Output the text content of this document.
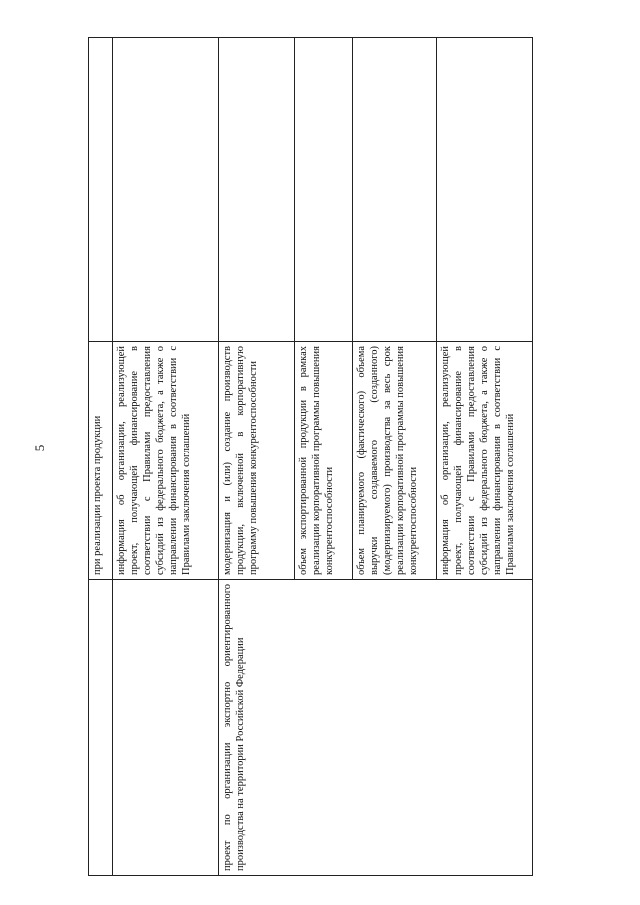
5
		при реализации проекта продукции	
	информация об организации, реализующей проект, получающей финансирование в соответствии с Правилами предоставления субсидий из федерального бюджета, а также о направлении финансирования в соответствии с Правилами заключения соглашений	
проект по организации экспортно ориентированного производства на территории Российской Федерации	модернизация и (или) создание производств продукции, включенной в корпоративную программу повышения конкурентоспособности	
	объем экспортированной продукции в рамках реализации корпоративной программы повышения конкурентоспособности	
	объем планируемого (фактического) объема выручки создаваемого (созданного) (модернизируемого) производства за весь срок реализации корпоративной программы повышения конкурентоспособности	
	информация об организации, реализующей проект, получающей финансирование в соответствии с Правилами предоставления субсидий из федерального бюджета, а также о направлении финансирования в соответствии с Правилами заключения соглашений	
